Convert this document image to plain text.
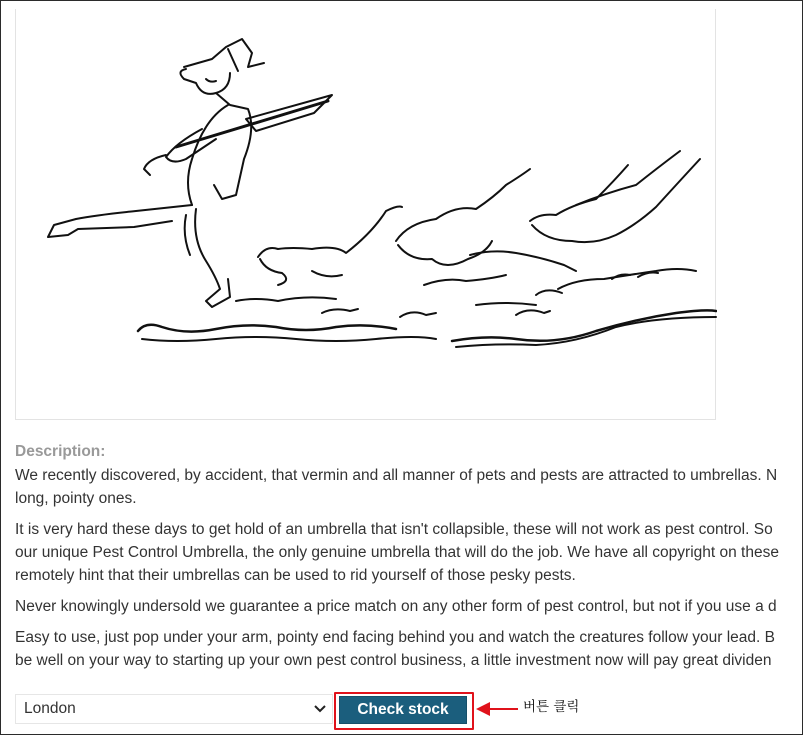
Description:

We recently discovered, by accident, that vermin and all manner of pets and pests are attracted to umbrellas. N
long, pointy ones.

It is very hard these days to get hold of an umbrella that isn't collapsible, these will not work as pest control. So
our unique Pest Control Umbrella, the only genuine umbrella that will do the job. We have all copyright on these
remotely hint that their umbrellas can be used to rid yourself of those pesky pests.

Never knowingly undersold we guarantee a price match on any other form of pest control, but not if you use a d

Easy to use, just pop under your arm, pointy end facing behind you and watch the creatures follow your lead. B
be well on your way to starting up your own pest control business, a little investment now will pay great dividen

London	Check stock	버튼 클릭
